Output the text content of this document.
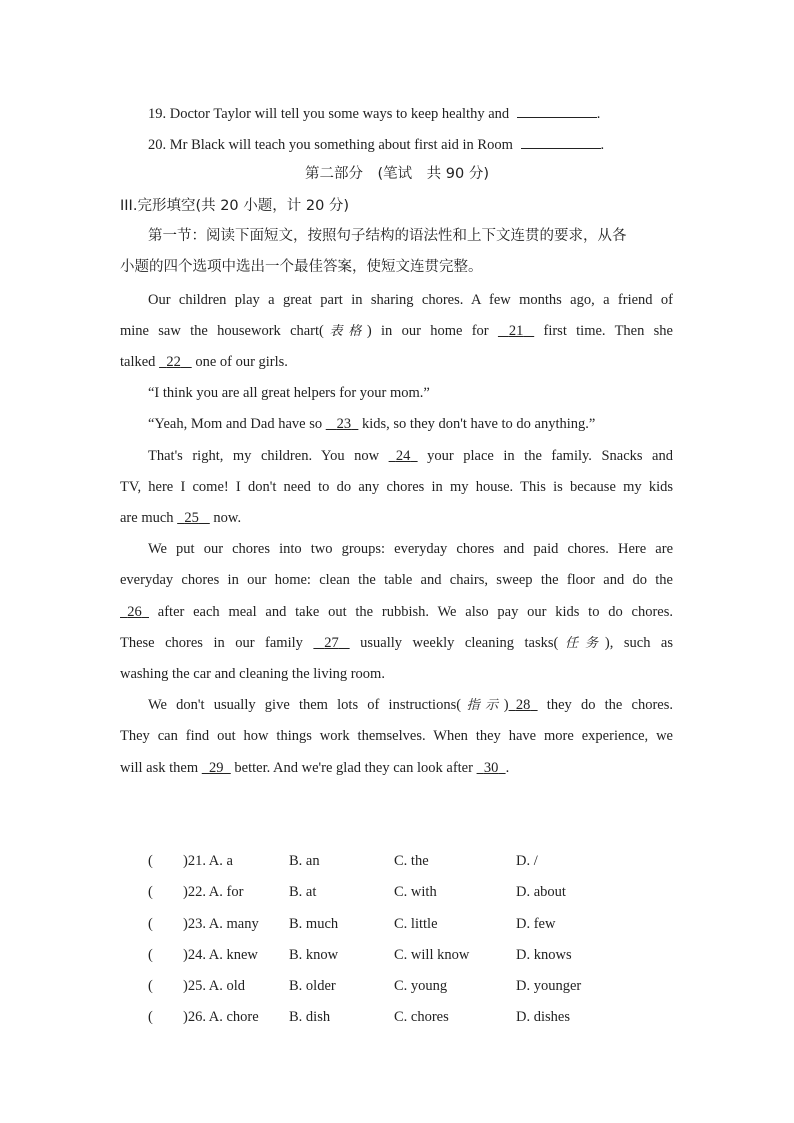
19. Doctor Taylor will tell you some ways to keep healthy and	.
20. Mr Black will teach you something about first aid in Room	.
第二部分　(笔试　共 90 分)
III.完形填空(共 20 小题，计 20 分)
第一节：阅读下面短文，按照句子结构的语法性和上下文连贯的要求，从各
小题的四个选项中选出一个最佳答案，使短文连贯完整。
Our children play a great part in sharing chores. A few months ago, a friend of
mine saw the housework chart(表格) in our home for 21 first time. Then she
talked 22 one of our girls.
“I think you are all great helpers for your mom.”
“Yeah, Mom and Dad have so 23 kids, so they don't have to do anything.”
That's right, my children. You now 24 your place in the family. Snacks and
TV, here I come! I don't need to do any chores in my house. This is because my kids
are much 25 now.
We put our chores into two groups: everyday chores and paid chores. Here are
everyday chores in our home: clean the table and chairs, sweep the floor and do the
26 after each meal and take out the rubbish. We also pay our kids to do chores.
These chores in our family 27 usually weekly cleaning tasks(任务), such as
washing the car and cleaning the living room.
We don't usually give them lots of instructions(指示) 28 they do the chores.
They can find out how things work themselves. When they have more experience, we
will ask them 29 better. And we're glad they can look after 30 .
( )21. A. a	B. an	C. the	D. /
( )22. A. for	B. at	C. with	D. about
( )23. A. many B. much	C. little	D. few
( )24. A. knew B. know	C. will know	D. knows
( )25. A. old	B. older	C. young	D. younger
( )26. A. chore B. dish	C. chores	D. dishes
